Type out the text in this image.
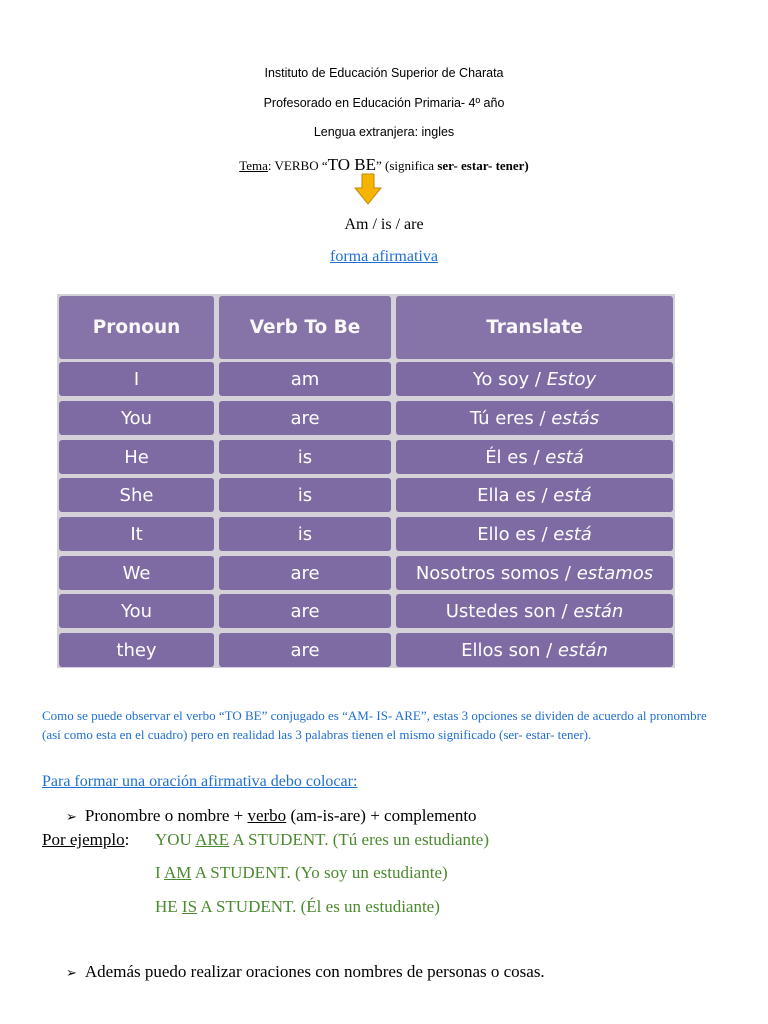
Instituto de Educación Superior de Charata
Profesorado en Educación Primaria- 4º año
Lengua extranjera: ingles
Tema: VERBO “TO BE” (significa ser- estar- tener)
Am / is / are
forma afirmativa
Pronoun	Verb To Be	Translate
I	am	Yo soy / Estoy
You	are	Tú eres / estás
He	is	Él es / está
She	is	Ella es / está
It	is	Ello es / está
We	are	Nosotros somos / estamos
You	are	Ustedes son / están
they	are	Ellos son / están
Como se puede observar el verbo “TO BE” conjugado es “AM- IS- ARE”, estas 3 opciones se dividen de acuerdo al pronombre (así como esta en el cuadro) pero en realidad las 3 palabras tienen el mismo significado (ser- estar- tener).
Para formar una oración afirmativa debo colocar:
➢ Pronombre o nombre + verbo (am-is-are) + complemento
Por ejemplo: YOU ARE A STUDENT. (Tú eres un estudiante)
I AM A STUDENT. (Yo soy un estudiante)
HE IS A STUDENT. (Él es un estudiante)
➢ Además puedo realizar oraciones con nombres de personas o cosas.
